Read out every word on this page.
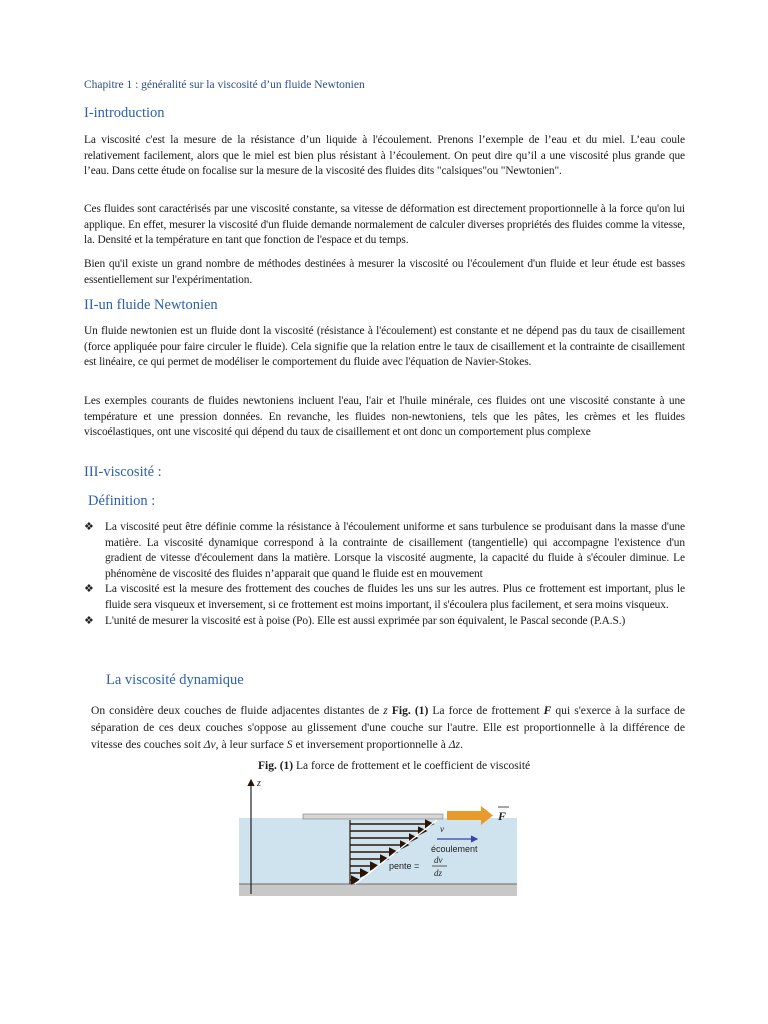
Chapitre 1 : généralité sur la viscosité d’un fluide Newtonien
I-introduction

La viscosité c'est la mesure de la résistance d’un liquide à l'écoulement. Prenons l’exemple de l’eau et du miel. L’eau coule relativement facilement, alors que le miel est bien plus résistant à l’écoulement. On peut dire qu’il a une viscosité plus grande que l’eau. Dans cette étude on focalise sur la mesure de la viscosité des fluides dits "calsiques"ou "Newtonien".

Ces fluides sont caractérisés par une viscosité constante, sa vitesse de déformation est directement proportionnelle à la force qu'on lui applique. En effet, mesurer la viscosité d'un fluide demande normalement de calculer diverses propriétés des fluides comme la vitesse, la. Densité et la température en tant que fonction de l'espace et du temps.

Bien qu'il existe un grand nombre de méthodes destinées à mesurer la viscosité ou l'écoulement d'un fluide et leur étude est basses essentiellement sur l'expérimentation.

II-un fluide Newtonien

Un fluide newtonien est un fluide dont la viscosité (résistance à l'écoulement) est constante et ne dépend pas du taux de cisaillement (force appliquée pour faire circuler le fluide). Cela signifie que la relation entre le taux de cisaillement et la contrainte de cisaillement est linéaire, ce qui permet de modéliser le comportement du fluide avec l'équation de Navier-Stokes.

Les exemples courants de fluides newtoniens incluent l'eau, l'air et l'huile minérale, ces fluides ont une viscosité constante à une température et une pression données. En revanche, les fluides non-newtoniens, tels que les pâtes, les crèmes et les fluides viscoélastiques, ont une viscosité qui dépend du taux de cisaillement et ont donc un comportement plus complexe

III-viscosité :
Définition :
❖ La viscosité peut être définie comme la résistance à l'écoulement uniforme et sans turbulence se produisant dans la masse d'une matière. La viscosité dynamique correspond à la contrainte de cisaillement (tangentielle) qui accompagne l'existence d'un gradient de vitesse d'écoulement dans la matière. Lorsque la viscosité augmente, la capacité du fluide à s'écouler diminue. Le phénomène de viscosité des fluides n’apparait que quand le fluide est en mouvement
❖ La viscosité est la mesure des frottement des couches de fluides les uns sur les autres. Plus ce frottement est important, plus le fluide sera visqueux et inversement, si ce frottement est moins important, il s'écoulera plus facilement, et sera moins visqueux.
❖ L'unité de mesurer la viscosité est à poise (Po). Elle est aussi exprimée par son équivalent, le Pascal seconde (P.A.S.)
La viscosité dynamique

On considère deux couches de fluide adjacentes distantes de z Fig. (1) La force de frottement F qui s'exerce à la surface de séparation de ces deux couches s'oppose au glissement d'une couche sur l'autre. Elle est proportionnelle à la différence de vitesse des couches soit Δv, à leur surface S et inversement proportionnelle à Δz.

Fig. (1) La force de frottement et le coefficient de viscosité
z
F
v
écoulement
pente =
dv
dz
